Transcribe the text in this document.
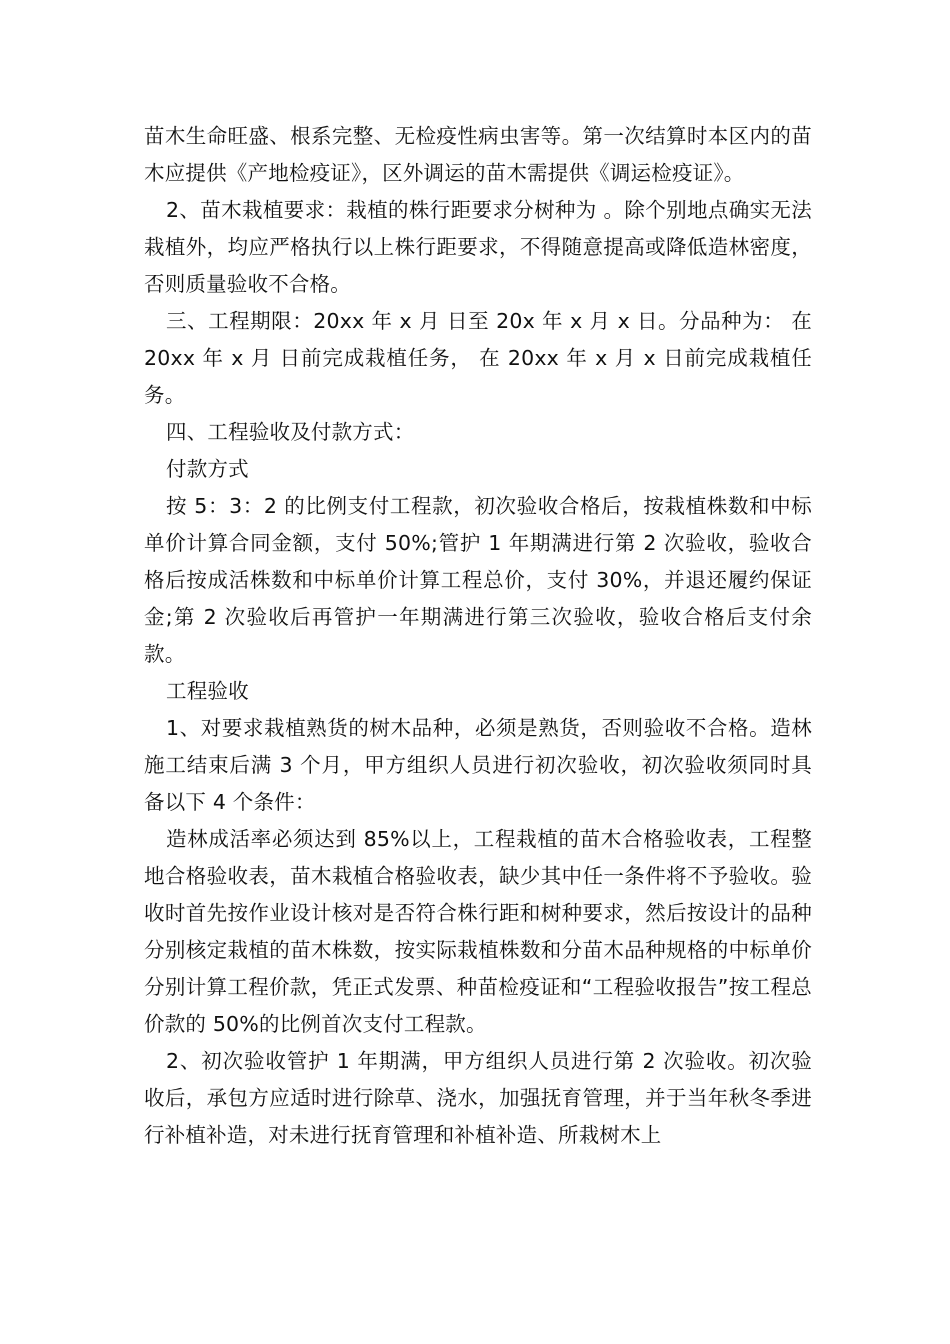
苗木生命旺盛、根系完整、无检疫性病虫害等。第一次结算时本区内的苗木应提供《产地检疫证》，区外调运的苗木需提供《调运检疫证》。

2、苗木栽植要求：栽植的株行距要求分树种为 。除个别地点确实无法栽植外，均应严格执行以上株行距要求，不得随意提高或降低造林密度，否则质量验收不合格。

三、工程期限：20xx 年 x 月 日至 20x 年 x 月 x 日。分品种为： 在 20xx 年 x 月 日前完成栽植任务， 在 20xx 年 x 月 x 日前完成栽植任务。

四、工程验收及付款方式：

付款方式

按 5：3：2 的比例支付工程款，初次验收合格后，按栽植株数和中标单价计算合同金额，支付 50%;管护 1 年期满进行第 2 次验收，验收合格后按成活株数和中标单价计算工程总价，支付 30%，并退还履约保证金;第 2 次验收后再管护一年期满进行第三次验收，验收合格后支付余款。

工程验收

1、对要求栽植熟货的树木品种，必须是熟货，否则验收不合格。造林施工结束后满 3 个月，甲方组织人员进行初次验收，初次验收须同时具备以下 4 个条件：

造林成活率必须达到 85%以上，工程栽植的苗木合格验收表，工程整地合格验收表，苗木栽植合格验收表，缺少其中任一条件将不予验收。验收时首先按作业设计核对是否符合株行距和树种要求，然后按设计的品种分别核定栽植的苗木株数，按实际栽植株数和分苗木品种规格的中标单价分别计算工程价款，凭正式发票、种苗检疫证和“工程验收报告”按工程总价款的 50%的比例首次支付工程款。

2、初次验收管护 1 年期满，甲方组织人员进行第 2 次验收。初次验收后，承包方应适时进行除草、浇水，加强抚育管理，并于当年秋冬季进行补植补造，对未进行抚育管理和补植补造、所栽树木上
